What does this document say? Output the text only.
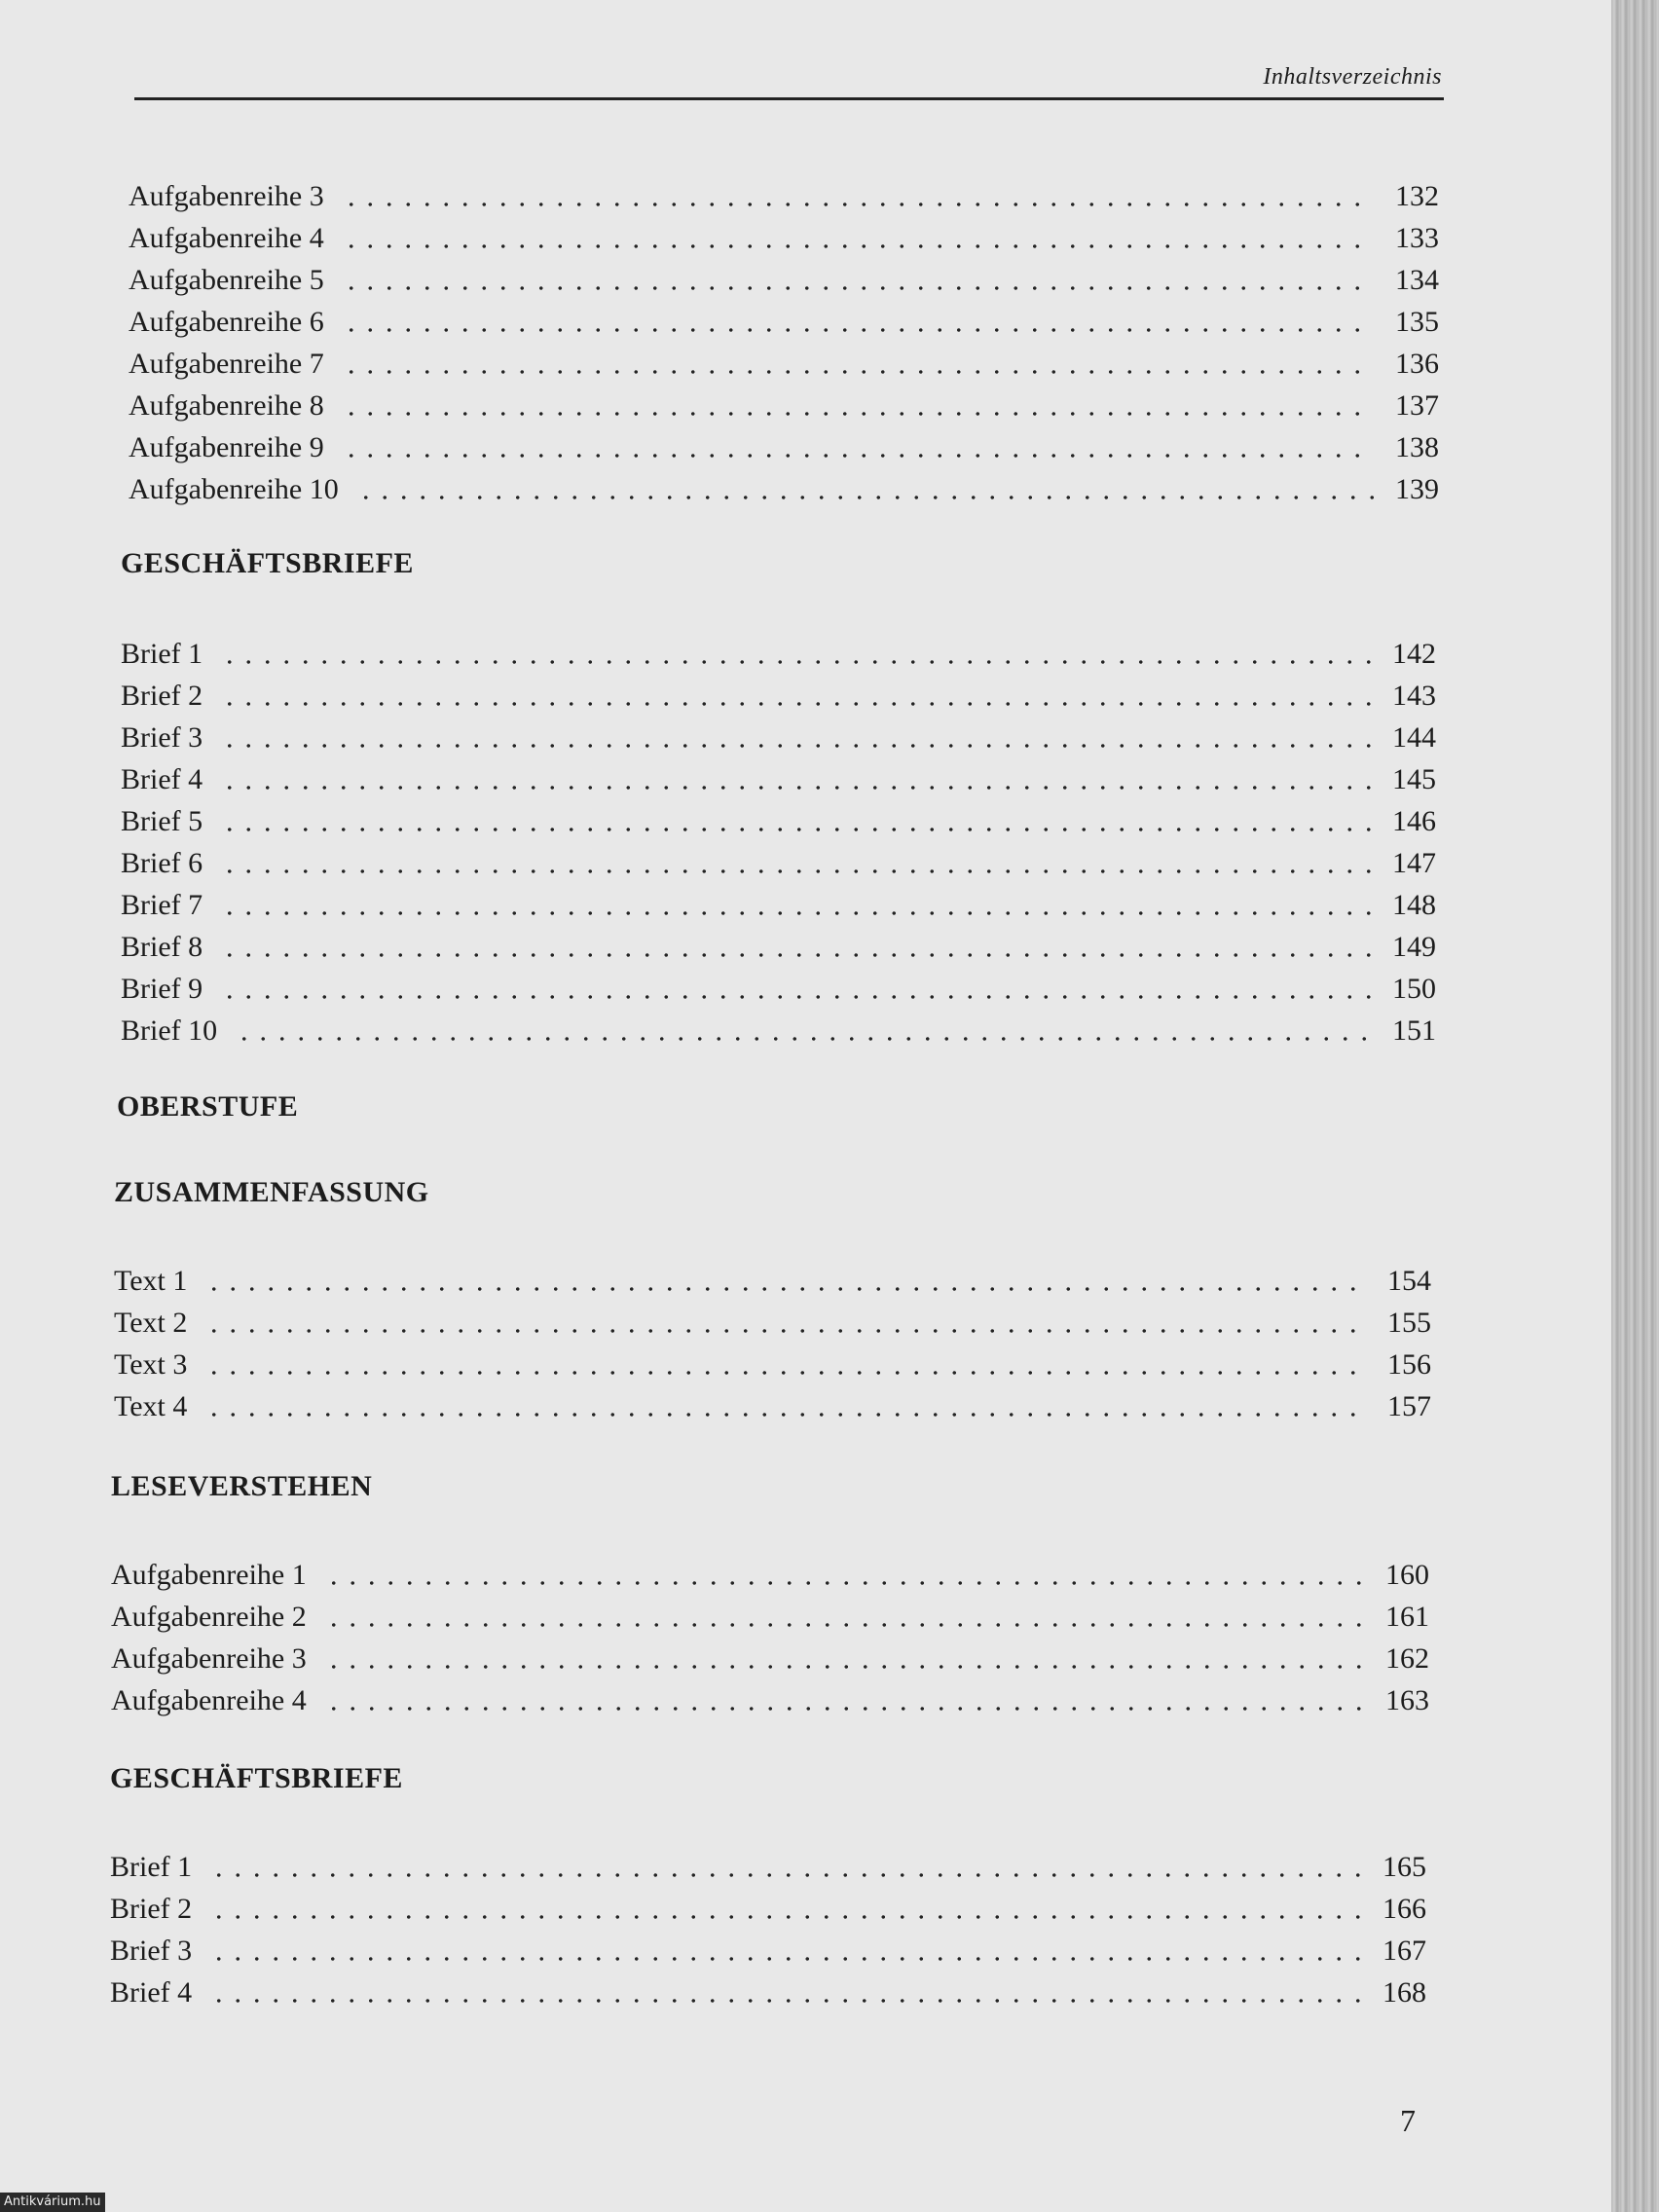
Inhaltsverzeichnis
Aufgabenreihe 3	132
Aufgabenreihe 4	133
Aufgabenreihe 5	134
Aufgabenreihe 6	135
Aufgabenreihe 7	136
Aufgabenreihe 8	137
Aufgabenreihe 9	138
Aufgabenreihe 10	139
GESCHÄFTSBRIEFE
Brief 1	142
Brief 2	143
Brief 3	144
Brief 4	145
Brief 5	146
Brief 6	147
Brief 7	148
Brief 8	149
Brief 9	150
Brief 10	151
OBERSTUFE
ZUSAMMENFASSUNG
Text 1	154
Text 2	155
Text 3	156
Text 4	157
LESEVERSTEHEN
Aufgabenreihe 1	160
Aufgabenreihe 2	161
Aufgabenreihe 3	162
Aufgabenreihe 4	163
GESCHÄFTSBRIEFE
Brief 1	165
Brief 2	166
Brief 3	167
Brief 4	168
7
Antikvárium.hu
